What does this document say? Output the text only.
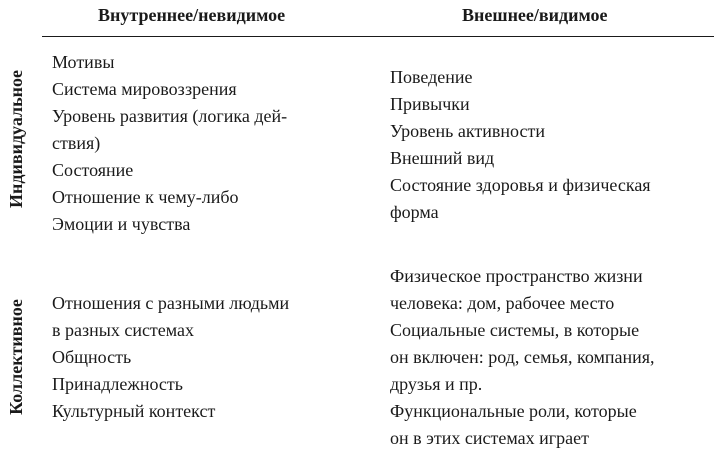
Внутреннее/невидимое	Внешнее/видимое
Индивидуальное
Коллективное
Мотивы
Система мировоззрения
Уровень развития (логика дей-
ствия)
Состояние
Отношение к чему-либо
Эмоции и чувства
Поведение
Привычки
Уровень активности
Внешний вид
Состояние здоровья и физическая
форма
Отношения с разными людьми
в разных системах
Общность
Принадлежность
Культурный контекст
Физическое пространство жизни
человека: дом, рабочее место
Социальные системы, в которые
он включен: род, семья, компания,
друзья и пр.
Функциональные роли, которые
он в этих системах играет
